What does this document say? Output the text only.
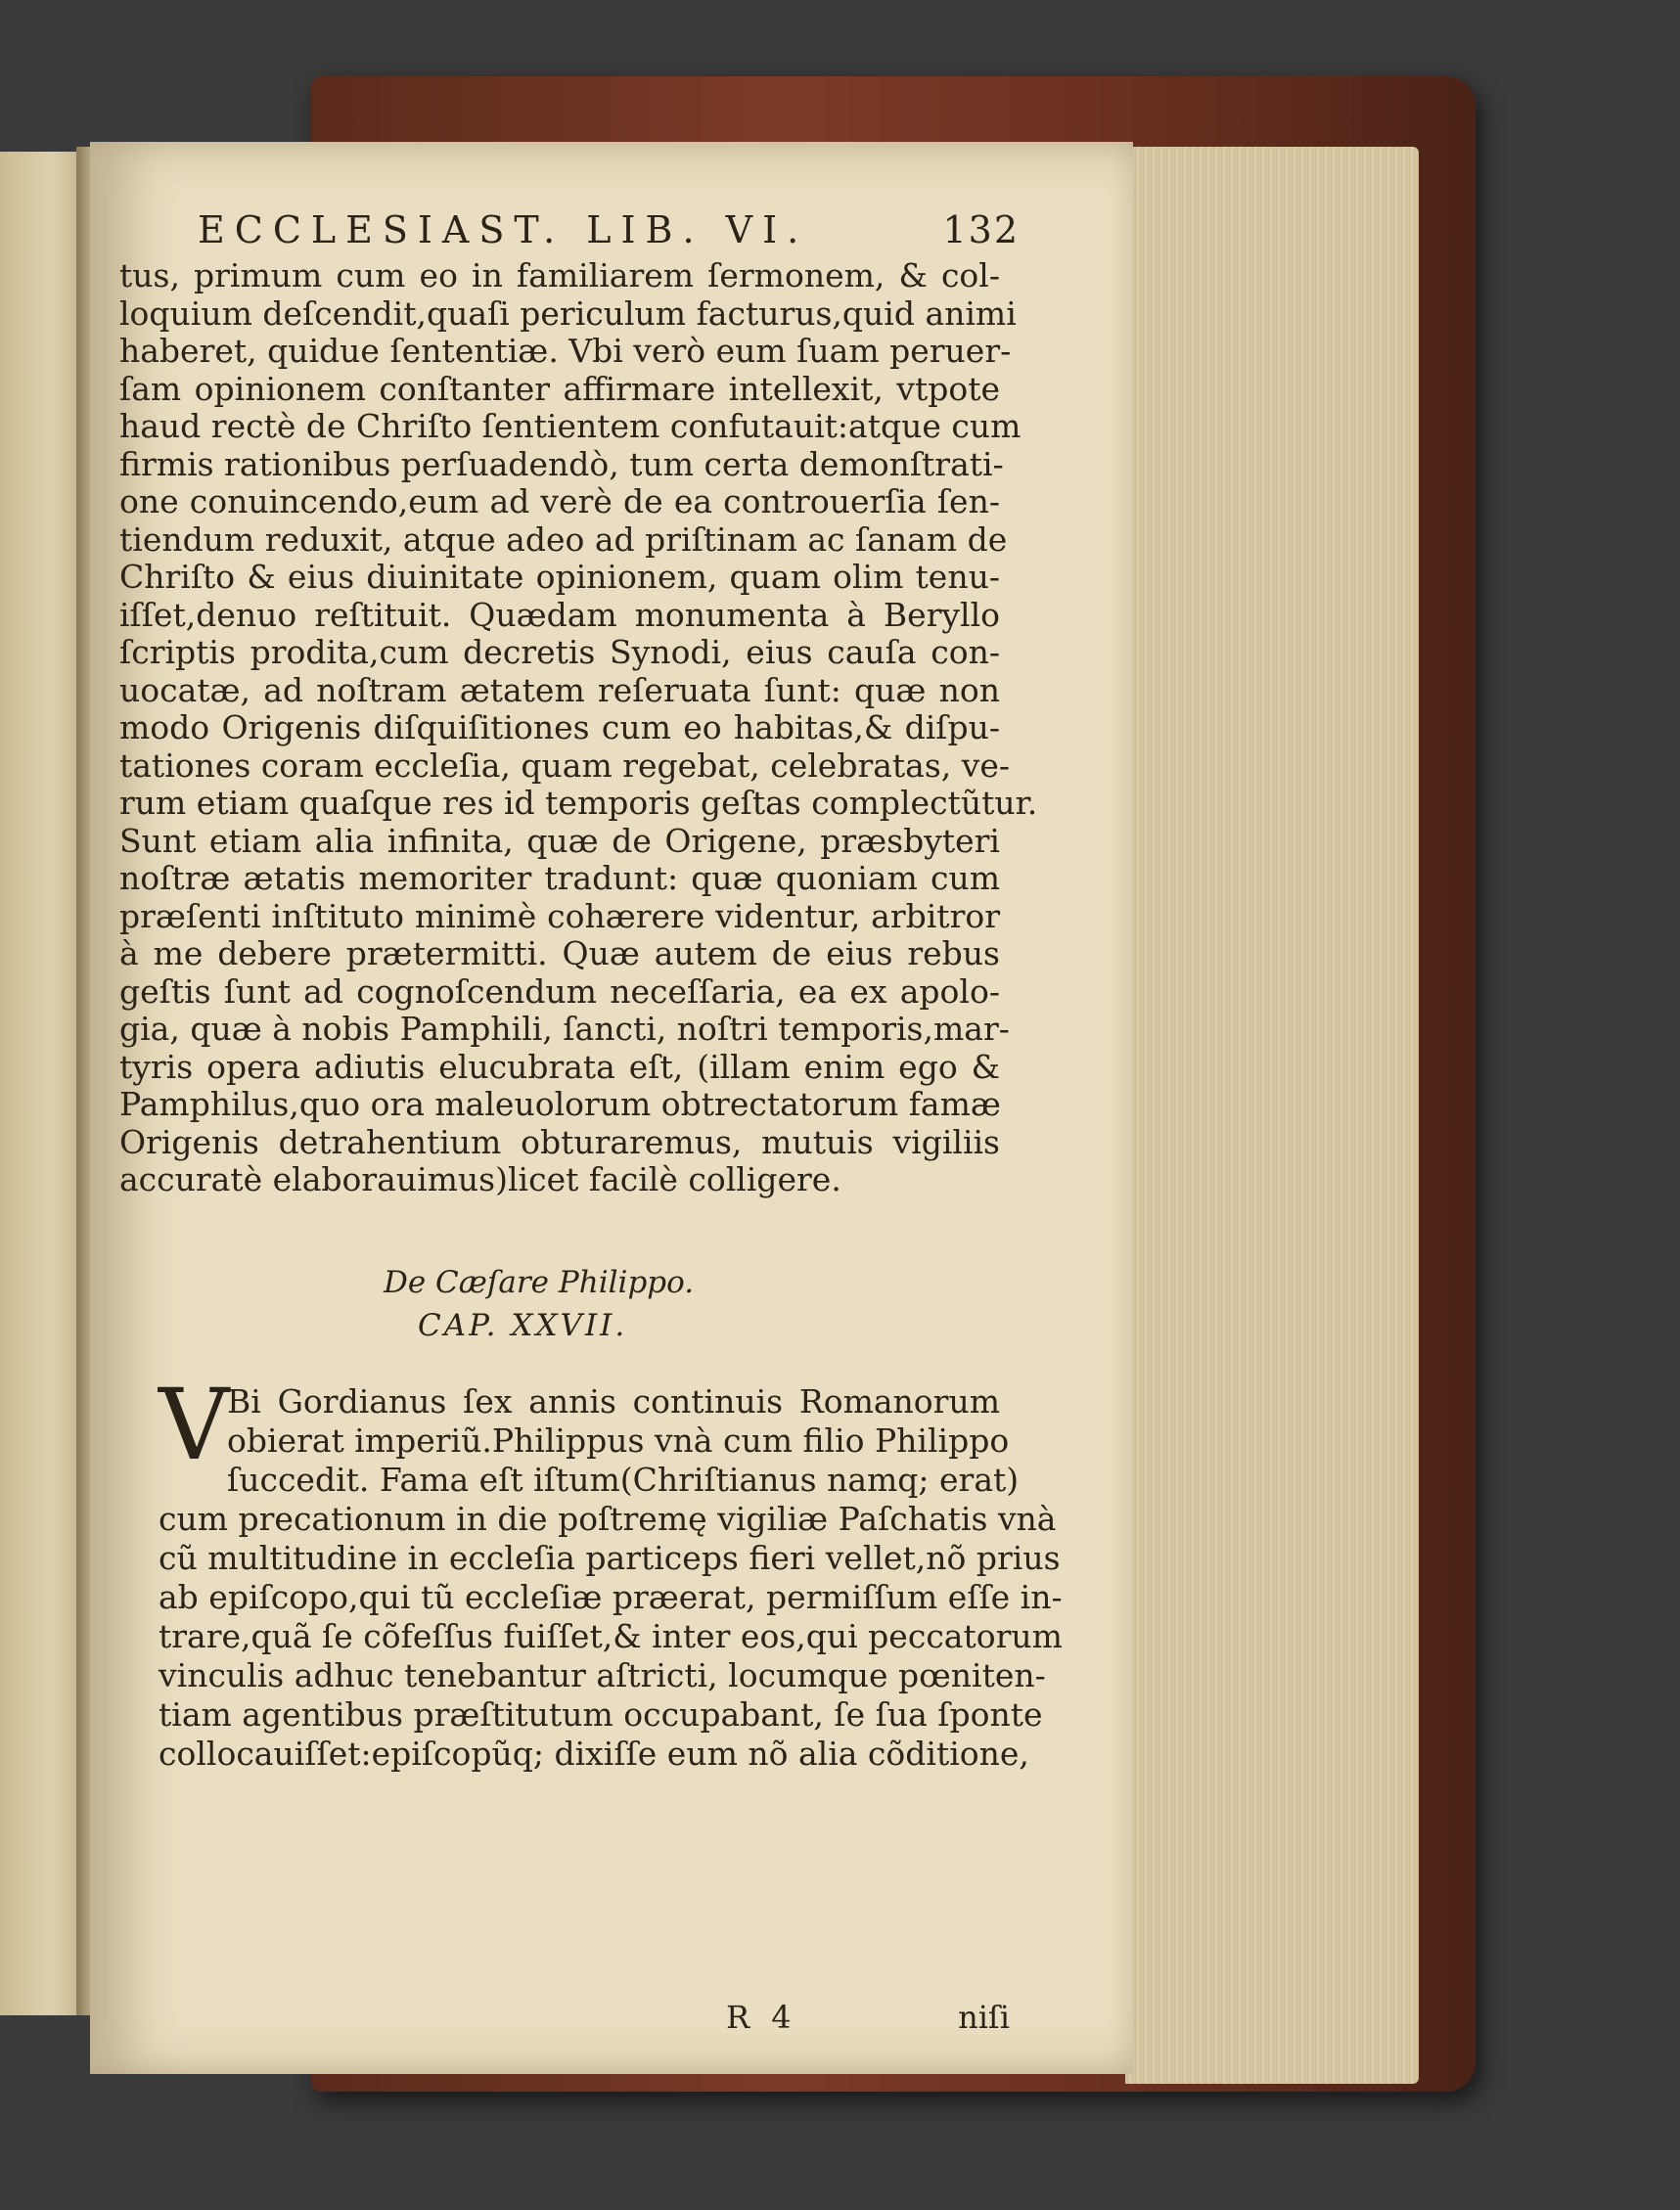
ECCLESIAST. LIB. VI.	132
tus, primum cum eo in familiarem ſermonem, & col-
loquium deſcendit,quaſi periculum facturus,quid animi
haberet, quidue ſententiæ. Vbi verò eum ſuam peruer-
ſam opinionem conſtanter affirmare intellexit, vtpote
haud rectè de Chriſto ſentientem confutauit:atque cum
firmis rationibus perſuadendò, tum certa demonſtrati-
one conuincendo,eum ad verè de ea controuerſia ſen-
tiendum reduxit, atque adeo ad priſtinam ac ſanam de
Chriſto & eius diuinitate opinionem, quam olim tenu-
iſſet,denuo reſtituit. Quædam monumenta à Beryllo
ſcriptis prodita,cum decretis Synodi, eius cauſa con-
uocatæ, ad noſtram ætatem reſeruata ſunt: quæ non
modo Origenis diſquiſitiones cum eo habitas,& diſpu-
tationes coram eccleſia, quam regebat, celebratas, ve-
rum etiam quaſque res id temporis geſtas complectũtur.
Sunt etiam alia infinita, quæ de Origene, præsbyteri
noſtræ ætatis memoriter tradunt: quæ quoniam cum
præſenti inſtituto minimè cohærere videntur, arbitror
à me debere prætermitti. Quæ autem de eius rebus
geſtis ſunt ad cognoſcendum neceſſaria, ea ex apolo-
gia, quæ à nobis Pamphili, ſancti, noſtri temporis,mar-
tyris opera adiutis elucubrata eſt, (illam enim ego &
Pamphilus,quo ora maleuolorum obtrectatorum famæ
Origenis detrahentium obturaremus, mutuis vigiliis
accuratè elaborauimus)licet facilè colligere.
De Cæſare Philippo.
CAP. XXVII.
V
Bi Gordianus ſex annis continuis Romanorum
obierat imperiũ.Philippus vnà cum filio Philippo
ſuccedit. Fama eſt iſtum(Chriſtianus namq; erat)
cum precationum in die poſtremę vigiliæ Paſchatis vnà
cũ multitudine in eccleſia particeps fieri vellet,nõ prius
ab epiſcopo,qui tũ eccleſiæ præerat, permiſſum eſſe in-
trare,quã ſe cõfeſſus fuiſſet,& inter eos,qui peccatorum
vinculis adhuc tenebantur aſtricti, locumque pœniten-
tiam agentibus præſtitutum occupabant, ſe ſua ſponte
collocauiſſet:epiſcopũq; dixiſſe eum nõ alia cõditione,
R 4	niſi
